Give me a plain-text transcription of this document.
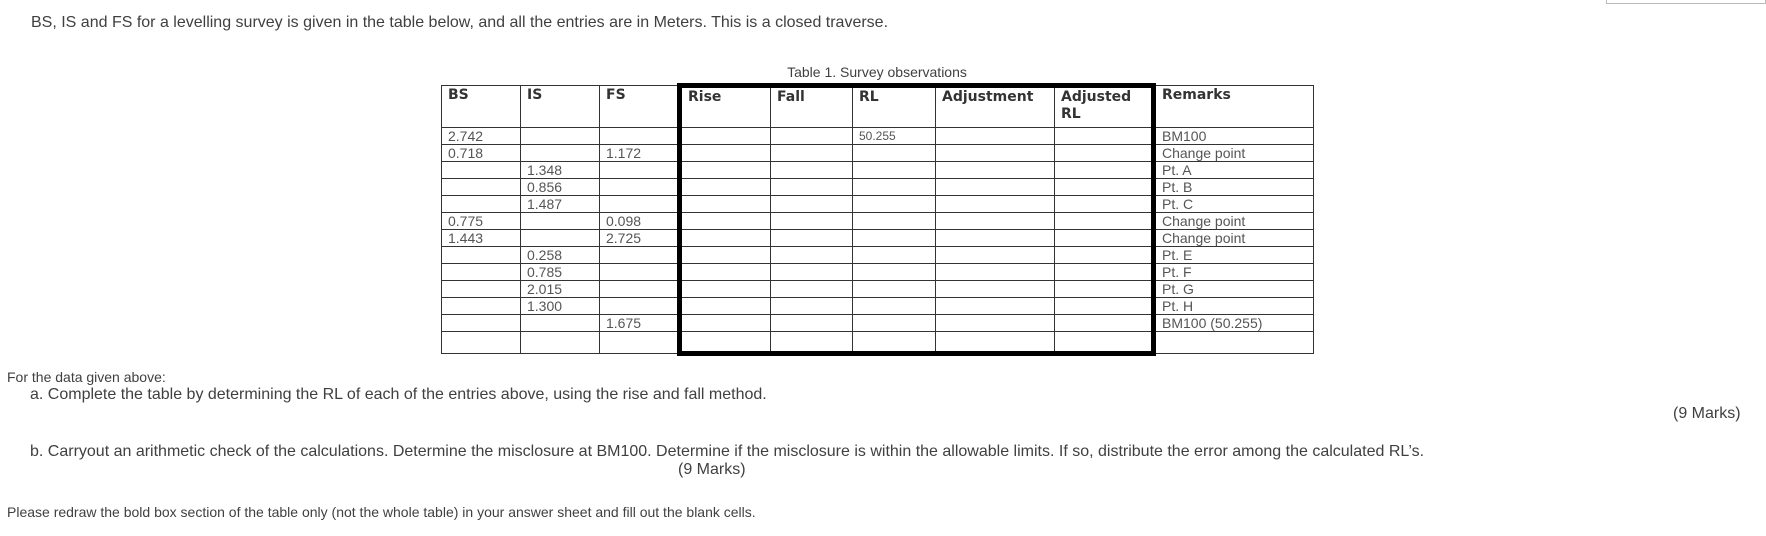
BS, IS and FS for a levelling survey is given in the table below, and all the entries are in Meters. This is a closed traverse.
Table 1. Survey observations
BS	IS	FS	Rise	Fall	RL	Adjustment	Adjusted RL	Remarks
2.742					50.255			BM100
0.718		1.172						Change point
	1.348							Pt. A
	0.856							Pt. B
	1.487							Pt. C
0.775		0.098						Change point
1.443		2.725						Change point
	0.258							Pt. E
	0.785							Pt. F
	2.015							Pt. G
	1.300							Pt. H
		1.675						BM100 (50.255)

For the data given above:
a. Complete the table by determining the RL of each of the entries above, using the rise and fall method.
(9 Marks)
b. Carryout an arithmetic check of the calculations. Determine the misclosure at BM100. Determine if the misclosure is within the allowable limits. If so, distribute the error among the calculated RL’s.
(9 Marks)
Please redraw the bold box section of the table only (not the whole table) in your answer sheet and fill out the blank cells.
